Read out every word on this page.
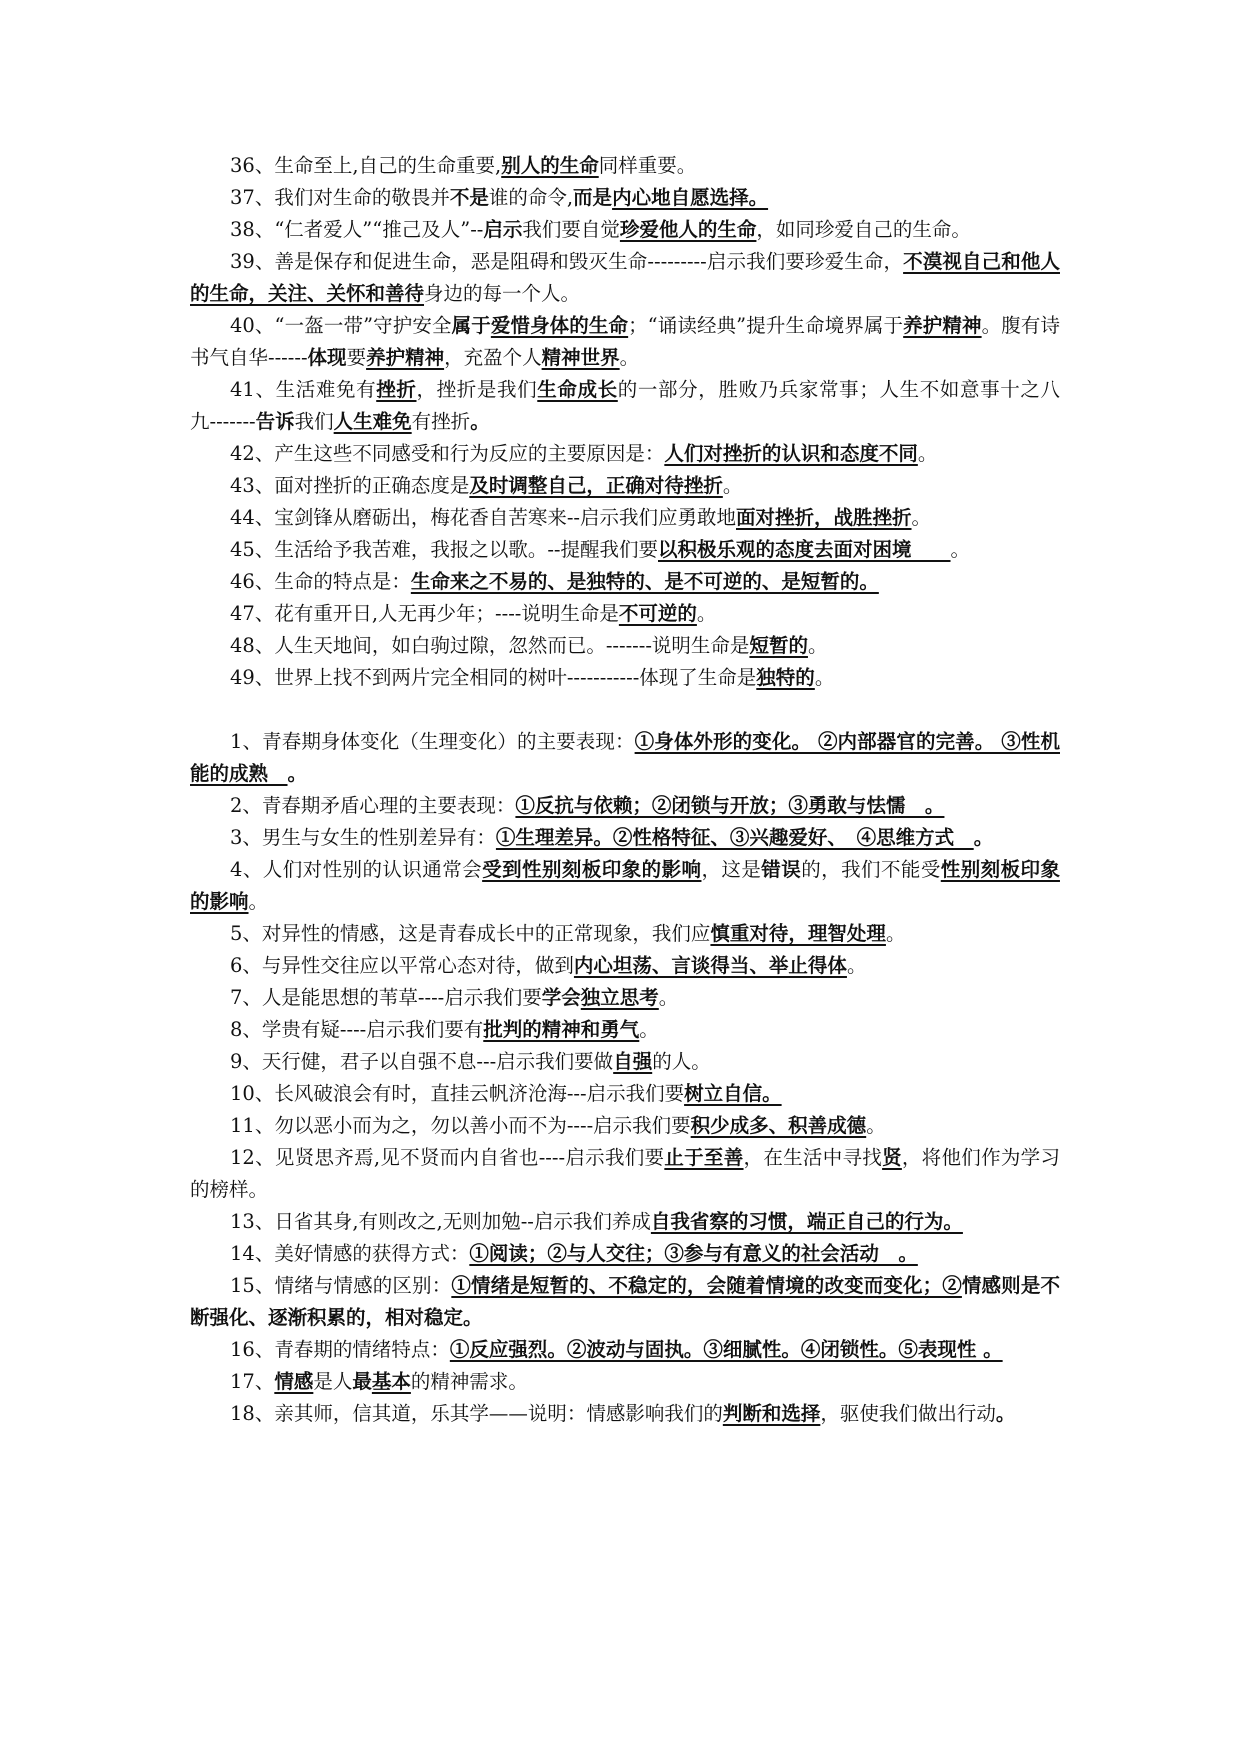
36、生命至上,自己的生命重要,别人的生命同样重要。

37、我们对生命的敬畏并不是谁的命令,而是内心地自愿选择。

38、“仁者爱人”“推己及人”--启示我们要自觉珍爱他人的生命，如同珍爱自己的生命。

39、善是保存和促进生命，恶是阻碍和毁灭生命---------启示我们要珍爱生命，不漠视自己和他人的生命，关注、关怀和善待身边的每一个人。

40、“一盔一带”守护安全属于爱惜身体的生命；“诵读经典”提升生命境界属于养护精神。腹有诗书气自华------体现要养护精神，充盈个人精神世界。

41、生活难免有挫折，挫折是我们生命成长的一部分，胜败乃兵家常事；人生不如意事十之八九-------告诉我们人生难免有挫折。

42、产生这些不同感受和行为反应的主要原因是：人们对挫折的认识和态度不同。

43、面对挫折的正确态度是及时调整自己，正确对待挫折。

44、宝剑锋从磨砺出，梅花香自苦寒来--启示我们应勇敢地面对挫折，战胜挫折。

45、生活给予我苦难，我报之以歌。--提醒我们要以积极乐观的态度去面对困境　　。

46、生命的特点是：生命来之不易的、是独特的、是不可逆的、是短暂的。

47、花有重开日,人无再少年；----说明生命是不可逆的。

48、人生天地间，如白驹过隙，忽然而已。-------说明生命是短暂的。

49、世界上找不到两片完全相同的树叶-----------体现了生命是独特的。

1、青春期身体变化（生理变化）的主要表现：①身体外形的变化。 ②内部器官的完善。 ③性机能的成熟　。

2、青春期矛盾心理的主要表现：①反抗与依赖；②闭锁与开放；③勇敢与怯懦　。

3、男生与女生的性别差异有：①生理差异。②性格特征、③兴趣爱好、　④思维方式　。

4、人们对性别的认识通常会受到性别刻板印象的影响，这是错误的，我们不能受性别刻板印象的影响。

5、对异性的情感，这是青春成长中的正常现象，我们应慎重对待，理智处理。

6、与异性交往应以平常心态对待，做到内心坦荡、言谈得当、举止得体。

7、人是能思想的苇草----启示我们要学会独立思考。

8、学贵有疑----启示我们要有批判的精神和勇气。

9、天行健，君子以自强不息---启示我们要做自强的人。

10、长风破浪会有时，直挂云帆济沧海---启示我们要树立自信。

11、勿以恶小而为之，勿以善小而不为----启示我们要积少成多、积善成德。

12、见贤思齐焉,见不贤而内自省也----启示我们要止于至善，在生活中寻找贤，将他们作为学习的榜样。

13、日省其身,有则改之,无则加勉--启示我们养成自我省察的习惯，端正自己的行为。

14、美好情感的获得方式：①阅读；②与人交往；③参与有意义的社会活动　。

15、情绪与情感的区别：①情绪是短暂的、不稳定的，会随着情境的改变而变化；②情感则是不断强化、逐渐积累的，相对稳定。

16、青春期的情绪特点：①反应强烈。②波动与固执。③细腻性。④闭锁性。⑤表现性 。

17、情感是人最基本的精神需求。

18、亲其师，信其道，乐其学——说明：情感影响我们的判断和选择，驱使我们做出行动。
